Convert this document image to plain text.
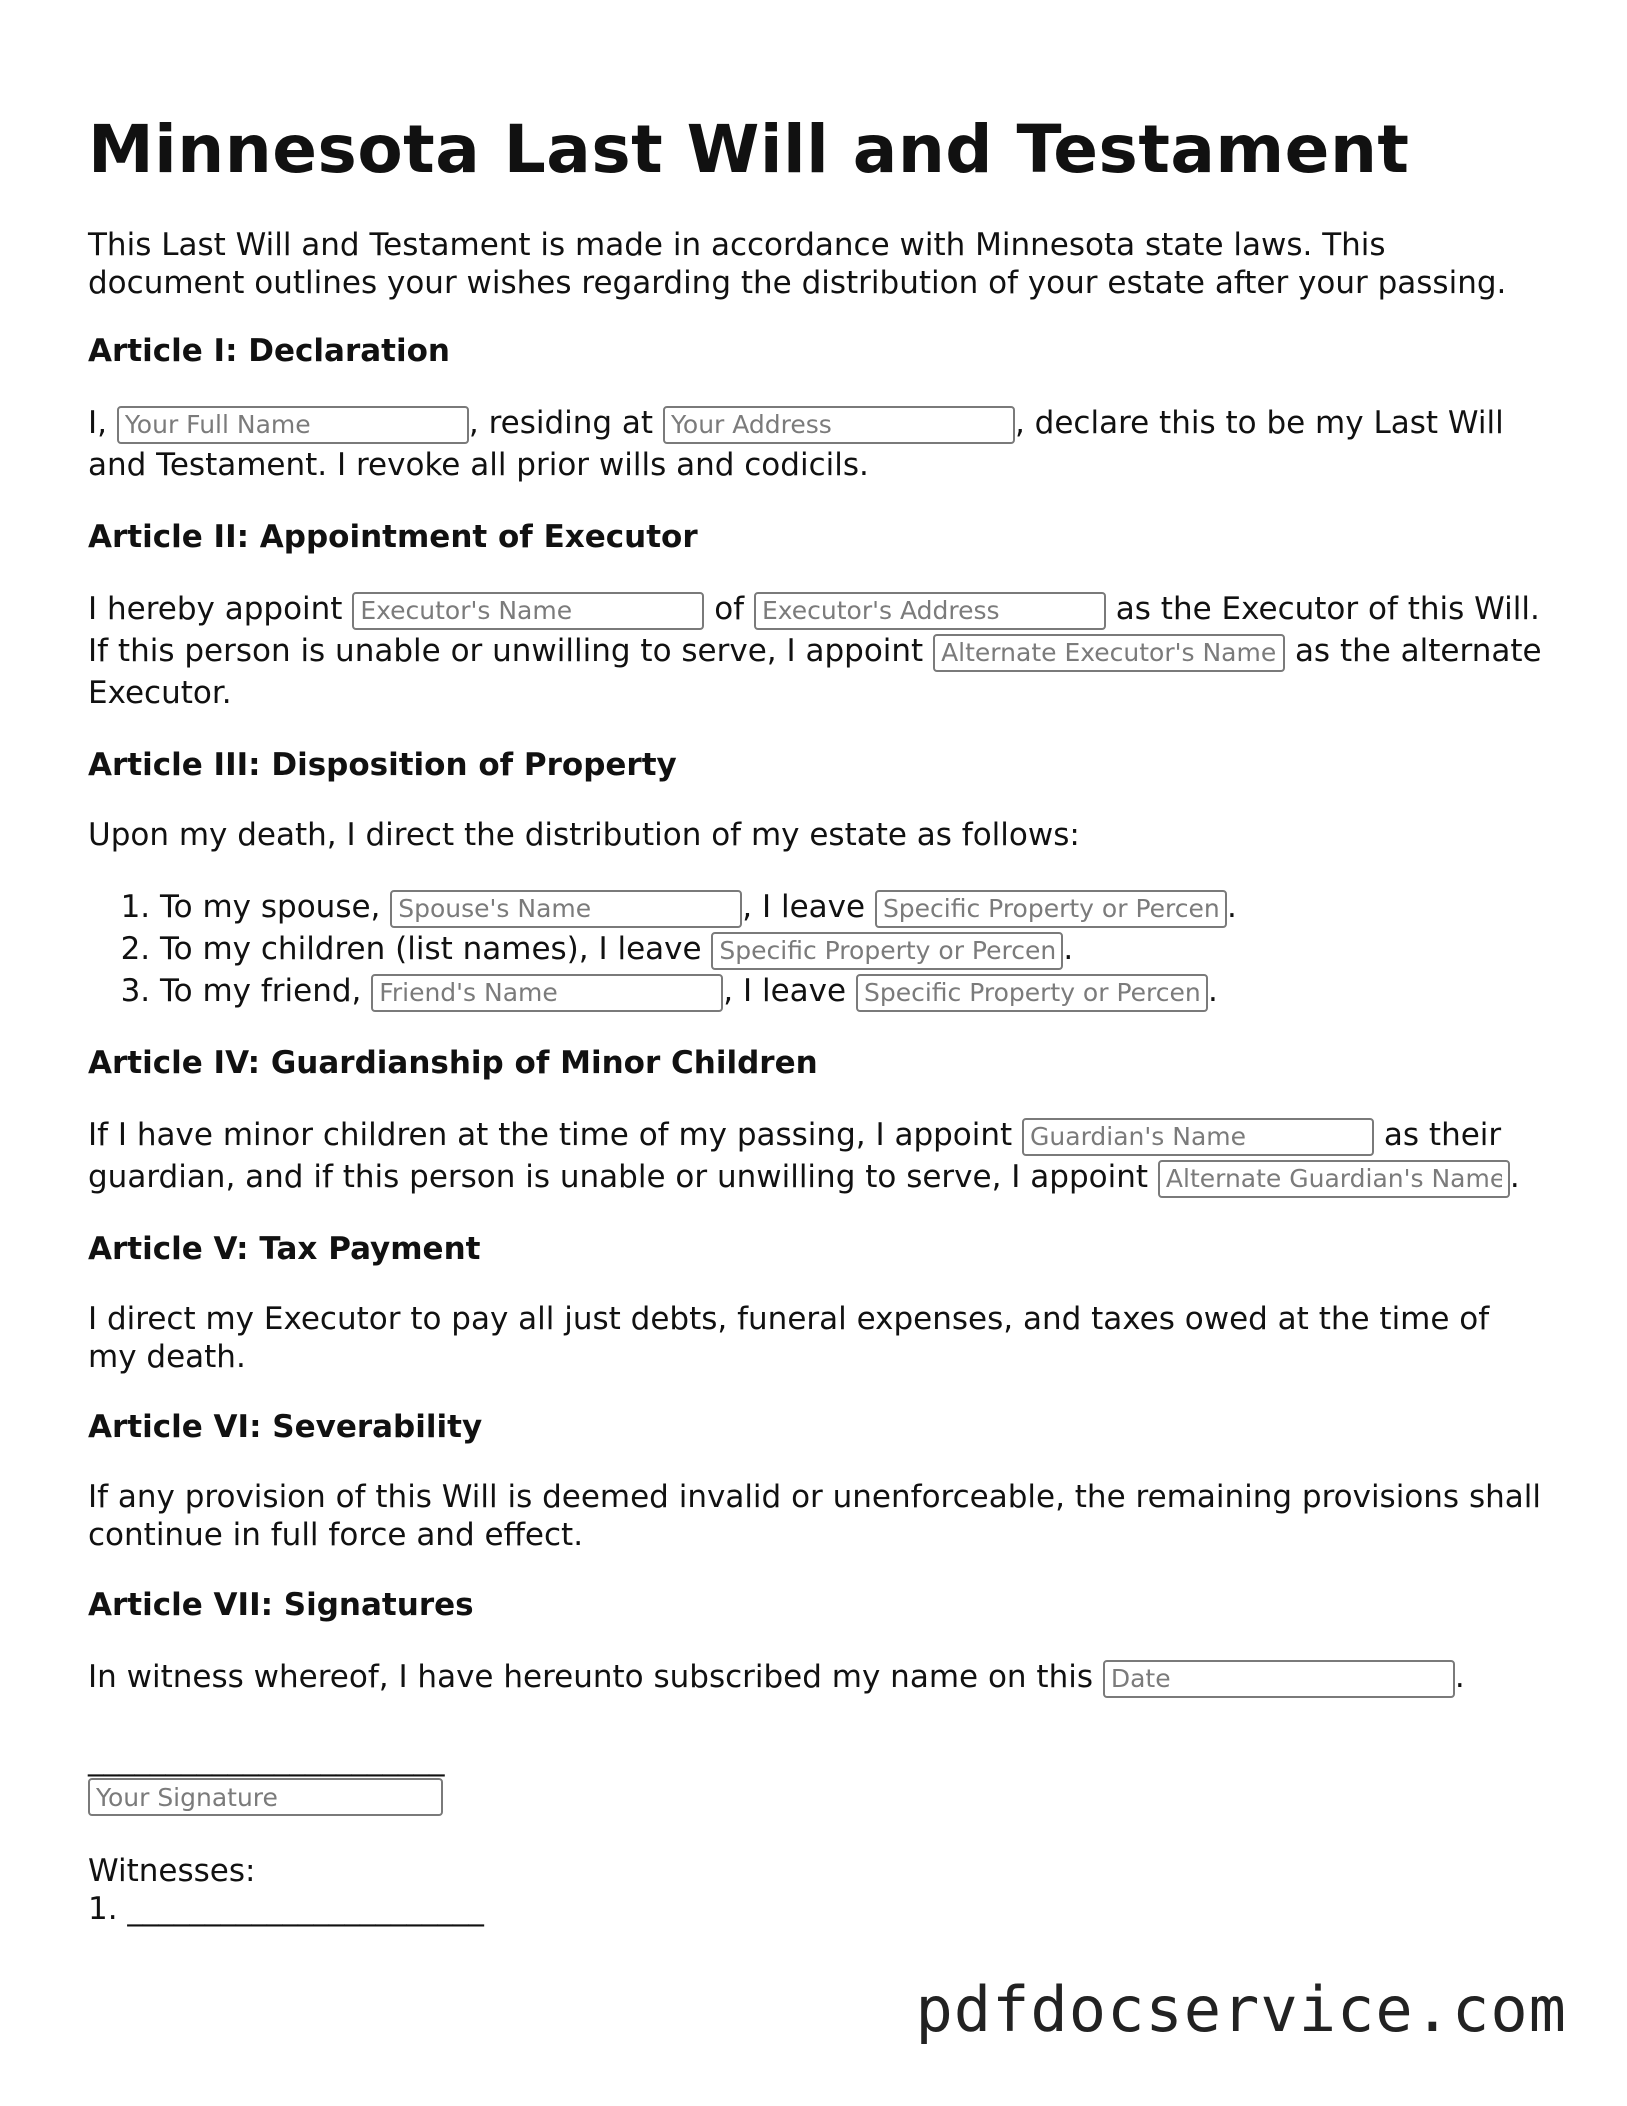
Minnesota Last Will and Testament

This Last Will and Testament is made in accordance with Minnesota state laws. This document outlines your wishes regarding the distribution of your estate after your passing.

Article I: Declaration

I, Your Full Name	, residing at Your Address	, declare this to be my Last Will and Testament. I revoke all prior wills and codicils.

Article II: Appointment of Executor

I hereby appoint Executor's Name	of Executor's Address	as the Executor of this Will. If this person is unable or unwilling to serve, I appoint Alternate Executor's Name	as the alternate Executor.

Article III: Disposition of Property

Upon my death, I direct the distribution of my estate as follows:

1. To my spouse, Spouse's Name	, I leave Specific Property or Percentage	.
2. To my children (list names), I leave Specific Property or Percentage	.
3. To my friend, Friend's Name	, I leave Specific Property or Percentage	.
Article IV: Guardianship of Minor Children

If I have minor children at the time of my passing, I appoint Guardian's Name	as their guardian, and if this person is unable or unwilling to serve, I appoint Alternate Guardian's Name	.

Article V: Tax Payment

I direct my Executor to pay all just debts, funeral expenses, and taxes owed at the time of my death.

Article VI: Severability

If any provision of this Will is deemed invalid or unenforceable, the remaining provisions shall continue in full force and effect.

Article VII: Signatures

In witness whereof, I have hereunto subscribed my name on this Date	.

_______________________
Your Signature

Witnesses:

1. _______________________

pdfdocservice.com
